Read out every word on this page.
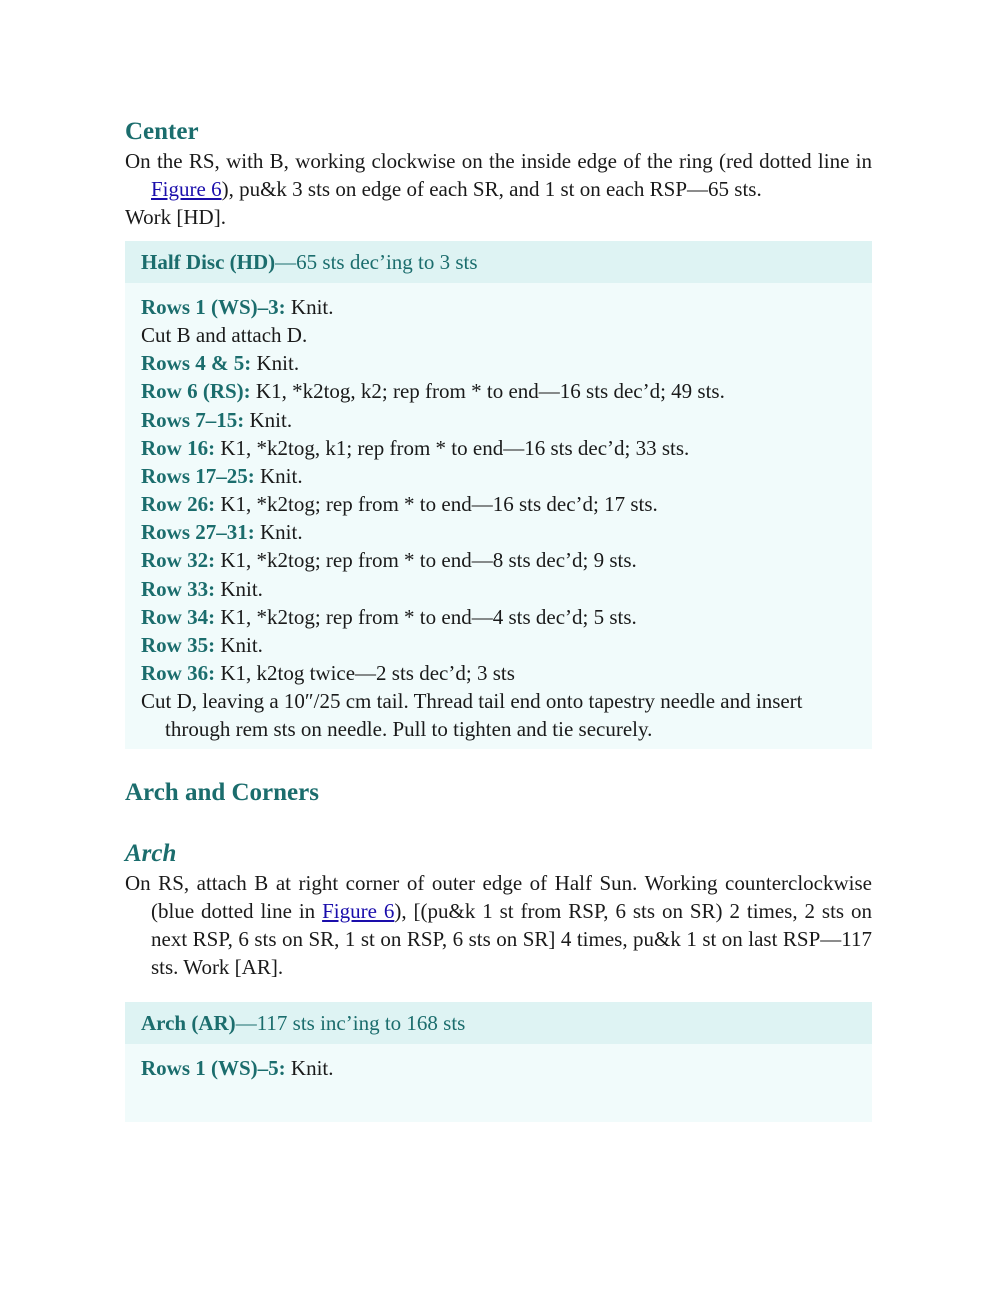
Center

On the RS, with B, working clockwise on the inside edge of the ring (red dotted line in Figure 6), pu&k 3 sts on edge of each SR, and 1 st on each RSP—65 sts.

Work [HD].

Half Disc (HD)—65 sts dec’ing to 3 sts

Rows 1 (WS)–3: Knit.

Cut B and attach D.

Rows 4 & 5: Knit.

Row 6 (RS): K1, *k2tog, k2; rep from * to end—16 sts dec’d; 49 sts.

Rows 7–15: Knit.

Row 16: K1, *k2tog, k1; rep from * to end—16 sts dec’d; 33 sts.

Rows 17–25: Knit.

Row 26: K1, *k2tog; rep from * to end—16 sts dec’d; 17 sts.

Rows 27–31: Knit.

Row 32: K1, *k2tog; rep from * to end—8 sts dec’d; 9 sts.

Row 33: Knit.

Row 34: K1, *k2tog; rep from * to end—4 sts dec’d; 5 sts.

Row 35: Knit.

Row 36: K1, k2tog twice—2 sts dec’d; 3 sts

Cut D, leaving a 10″/25 cm tail. Thread tail end onto tapestry needle and insert through rem sts on needle. Pull to tighten and tie securely.

Arch and Corners
Arch

On RS, attach B at right corner of outer edge of Half Sun. Working counterclockwise (blue dotted line in Figure 6), [(pu&k 1 st from RSP, 6 sts on SR) 2 times, 2 sts on next RSP, 6 sts on SR, 1 st on RSP, 6 sts on SR] 4 times, pu&k 1 st on last RSP—117 sts. Work [AR].

Arch (AR)—117 sts inc’ing to 168 sts

Rows 1 (WS)–5: Knit.
